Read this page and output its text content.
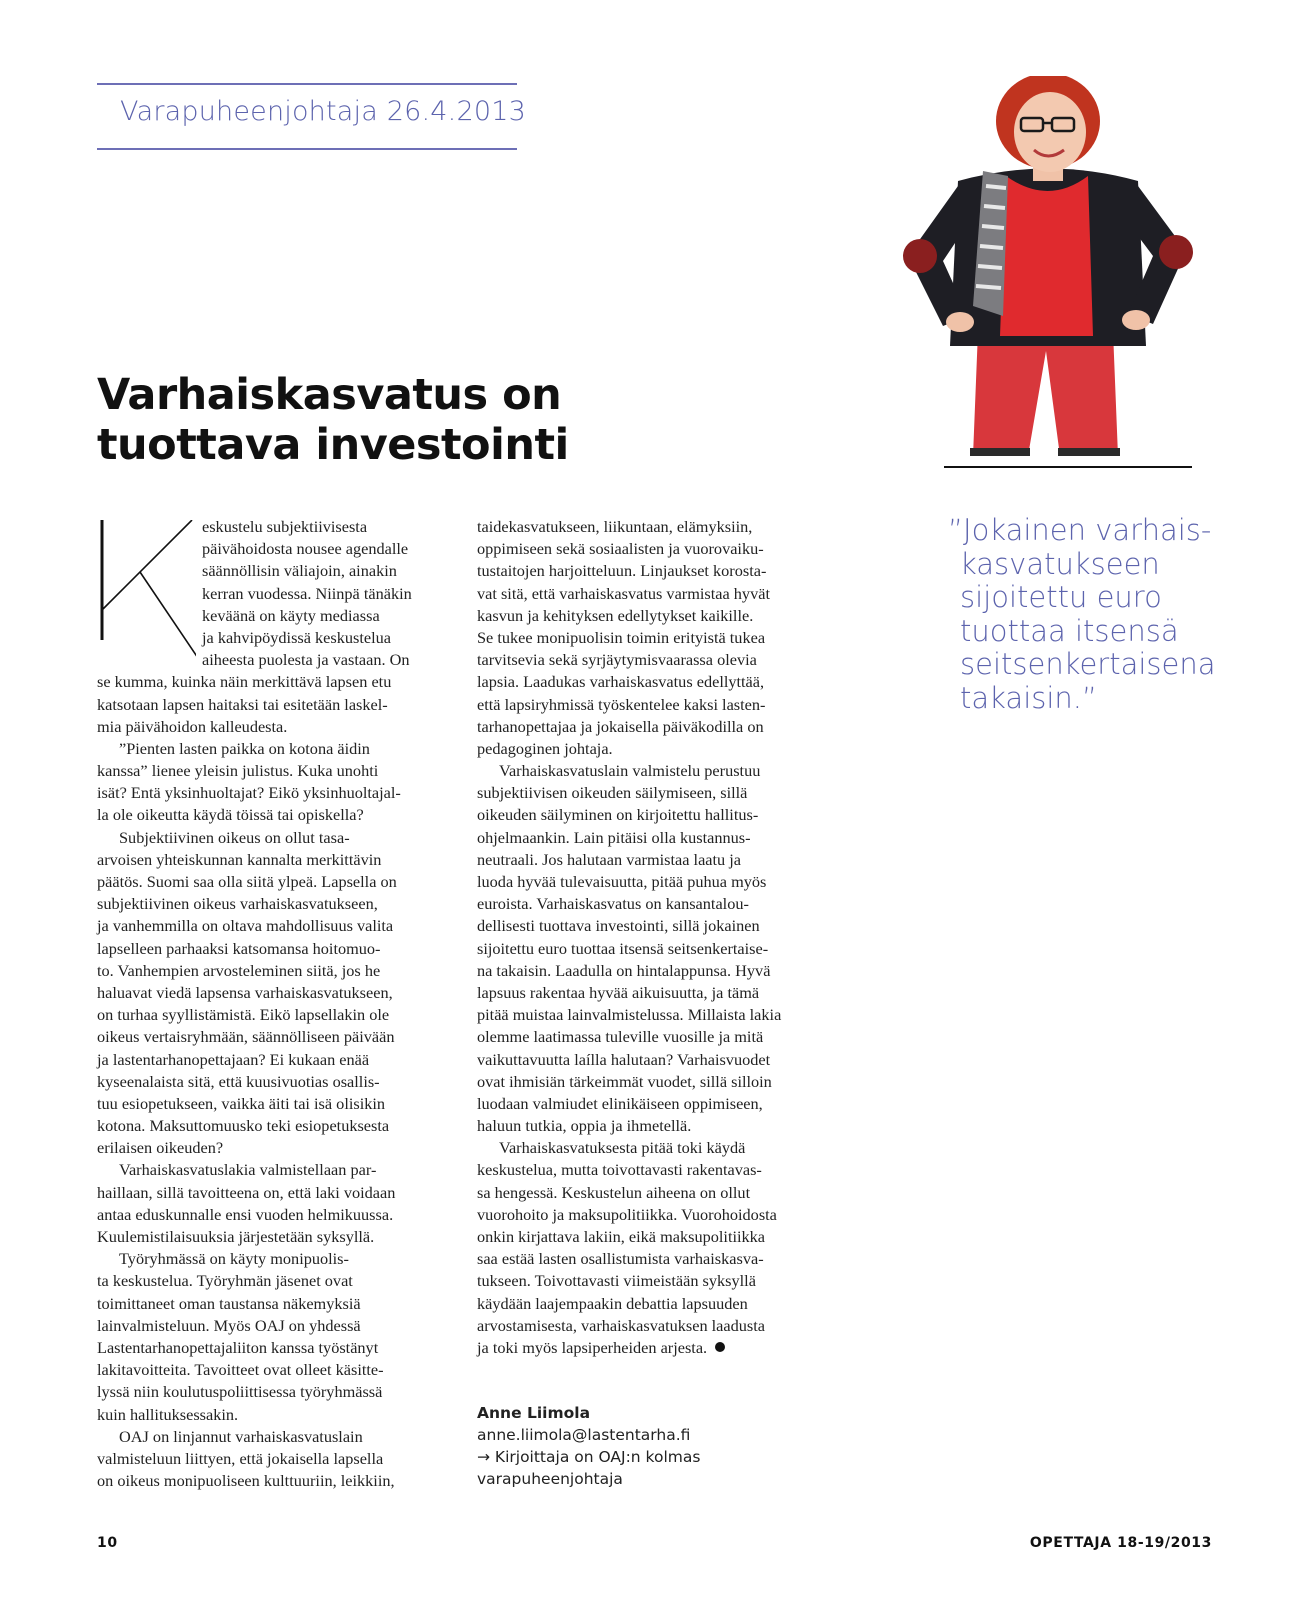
Varapuheenjohtaja 26.4.2013
Varhaiskasvatus on
tuottava investointi
eskustelu subjektiivisesta
päivähoidosta nousee agendalle
säännöllisin väliajoin, ainakin
kerran vuodessa. Niinpä tänäkin
keväänä on käyty mediassa
ja kahvipöydissä keskustelua
aiheesta puolesta ja vastaan. On
se kumma, kuinka näin merkittävä lapsen etu
katsotaan lapsen haitaksi tai esitetään laskel-
mia päivähoidon kalleudesta.
”Pienten lasten paikka on kotona äidin
kanssa” lienee yleisin julistus. Kuka unohti
isät? Entä yksinhuoltajat? Eikö yksinhuoltajal-
la ole oikeutta käydä töissä tai opiskella?
Subjektiivinen oikeus on ollut tasa-
arvoisen yhteiskunnan kannalta merkittävin
päätös. Suomi saa olla siitä ylpeä. Lapsella on
subjektiivinen oikeus varhaiskasvatukseen,
ja vanhemmilla on oltava mahdollisuus valita
lapselleen parhaaksi katsomansa hoitomuo-
to. Vanhempien arvosteleminen siitä, jos he
haluavat viedä lapsensa varhaiskasvatukseen,
on turhaa syyllistämistä. Eikö lapsellakin ole
oikeus vertaisryhmään, säännölliseen päivään
ja lastentarhanopettajaan? Ei kukaan enää
kyseenalaista sitä, että kuusivuotias osallis-
tuu esiopetukseen, vaikka äiti tai isä olisikin
kotona. Maksuttomuusko teki esiopetuksesta
erilaisen oikeuden?
Varhaiskasvatuslakia valmistellaan par-
haillaan, sillä tavoitteena on, että laki voidaan
antaa eduskunnalle ensi vuoden helmikuussa.
Kuulemistilaisuuksia järjestetään syksyllä.
Työryhmässä on käyty monipuolis-
ta keskustelua. Työryhmän jäsenet ovat
toimittaneet oman taustansa näkemyksiä
lainvalmisteluun. Myös OAJ on yhdessä
Lastentarhanopettajaliiton kanssa työstänyt
lakitavoitteita. Tavoitteet ovat olleet käsitte-
lyssä niin koulutuspoliittisessa työryhmässä
kuin hallituksessakin.
OAJ on linjannut varhaiskasvatuslain
valmisteluun liittyen, että jokaisella lapsella
on oikeus monipuoliseen kulttuuriin, leikkiin,
taidekasvatukseen, liikuntaan, elämyksiin,
oppimiseen sekä sosiaalisten ja vuorovaiku-
tustaitojen harjoitteluun. Linjaukset korosta-
vat sitä, että varhaiskasvatus varmistaa hyvät
kasvun ja kehityksen edellytykset kaikille.
Se tukee monipuolisin toimin erityistä tukea
tarvitsevia sekä syrjäytymisvaarassa olevia
lapsia. Laadukas varhaiskasvatus edellyttää,
että lapsiryhmissä työskentelee kaksi lasten-
tarhanopettajaa ja jokaisella päiväkodilla on
pedagoginen johtaja.
Varhaiskasvatuslain valmistelu perustuu
subjektiivisen oikeuden säilymiseen, sillä
oikeuden säilyminen on kirjoitettu hallitus-
ohjelmaankin. Lain pitäisi olla kustannus-
neutraali. Jos halutaan varmistaa laatu ja
luoda hyvää tulevaisuutta, pitää puhua myös
euroista. Varhaiskasvatus on kansantalou-
dellisesti tuottava investointi, sillä jokainen
sijoitettu euro tuottaa itsensä seitsenkertaise-
na takaisin. Laadulla on hintalappunsa. Hyvä
lapsuus rakentaa hyvää aikuisuutta, ja tämä
pitää muistaa lainvalmistelussa. Millaista lakia
olemme laatimassa tuleville vuosille ja mitä
vaikuttavuutta laílla halutaan? Varhaisvuodet
ovat ihmisiän tärkeimmät vuodet, sillä silloin
luodaan valmiudet elinikäiseen oppimiseen,
haluun tutkia, oppia ja ihmetellä.
Varhaiskasvatuksesta pitää toki käydä
keskustelua, mutta toivottavasti rakentavas-
sa hengessä. Keskustelun aiheena on ollut
vuorohoito ja maksupolitiikka. Vuorohoidosta
onkin kirjattava lakiin, eikä maksupolitiikka
saa estää lasten osallistumista varhaiskasva-
tukseen. Toivottavasti viimeistään syksyllä
käydään laajempaakin debattia lapsuuden
arvostamisesta, varhaiskasvatuksen laadusta
ja toki myös lapsiperheiden arjesta.
Anne Liimola
anne.liimola@lastentarha.fi
→ Kirjoittaja on OAJ:n kolmas
varapuheenjohtaja
”Jokainen varhais-
kasvatukseen
sijoitettu euro
tuottaa itsensä
seitsenkertaisena
takaisin.”
10	OPETTAJA 18-19/2013
